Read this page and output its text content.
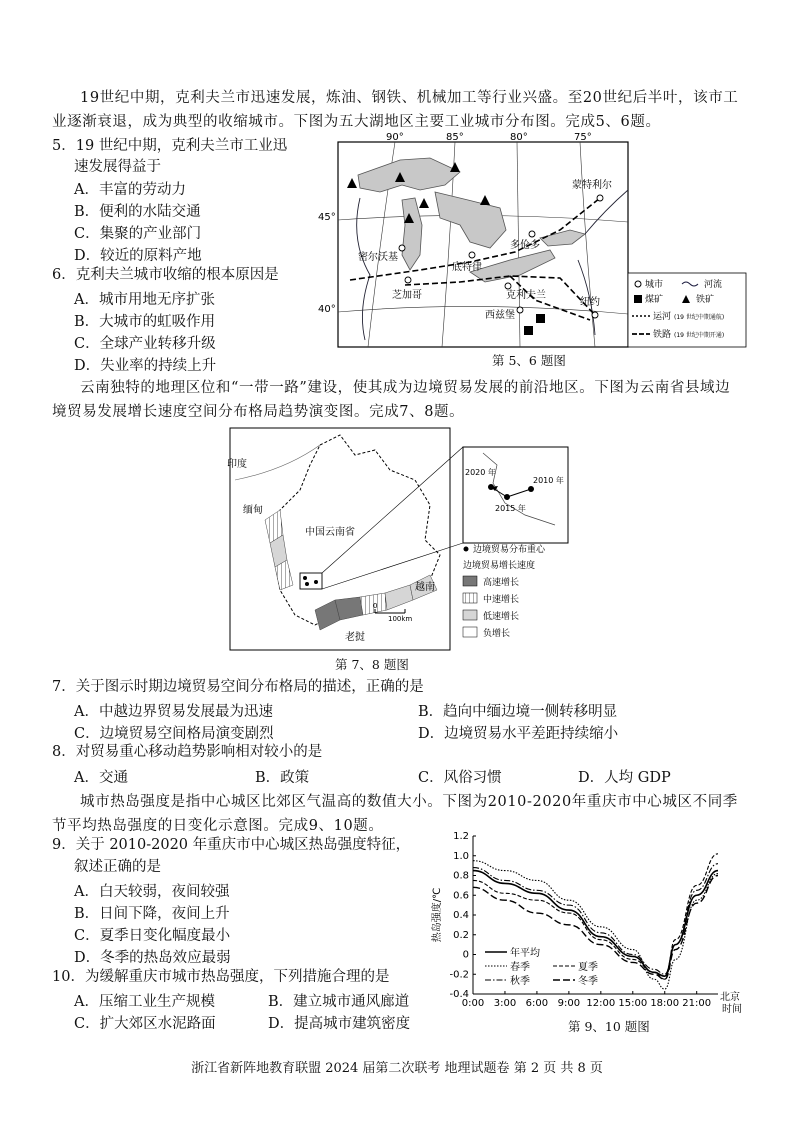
19世纪中期，克利夫兰市迅速发展，炼油、钢铁、机械加工等行业兴盛。至20世纪后半叶，该市工业逐渐衰退，成为典型的收缩城市。下图为五大湖地区主要工业城市分布图。完成5、6题。
5．19 世纪中期，克利夫兰市工业迅
速发展得益于
A．丰富的劳动力
B．便利的水陆交通
C．集聚的产业部门
D．较近的原料产地
6．克利夫兰城市收缩的根本原因是
A．城市用地无序扩张
B．大城市的虹吸作用
C．全球产业转移升级
D．失业率的持续上升
90°	85°	80°	75°
45°
40°
蒙特利尔
多伦多
密尔沃基
底特律
芝加哥	克利夫兰
西兹堡
纽约
城市	河流
煤矿	铁矿
运河 (19 世纪中期通航)
铁路 (19 世纪中期开通)
第 5、6 题图
云南独特的地理区位和“一带一路”建设，使其成为边境贸易发展的前沿地区。下图为云南省县域边境贸易发展增长速度空间分布格局趋势演变图。完成7、8题。
印度
缅甸
中国云南省
越南
老挝
0
100km
2020 年
2010 年
2015 年
边境贸易分布重心
边境贸易增长速度
高速增长
中速增长
低速增长
负增长
第 7、8 题图
7．关于图示时期边境贸易空间分布格局的描述，正确的是
A．中越边界贸易发展最为迅速	B．趋向中缅边境一侧转移明显
C．边境贸易空间格局演变剧烈	D．边境贸易水平差距持续缩小
8．对贸易重心移动趋势影响相对较小的是
A．交通	B．政策	C．风俗习惯	D．人均 GDP
城市热岛强度是指中心城区比郊区气温高的数值大小。下图为2010-2020年重庆市中心城区不同季节平均热岛强度的日变化示意图。完成9、10题。
9．关于 2010-2020 年重庆市中心城区热岛强度特征，
叙述正确的是
A．白天较弱，夜间较强
B．日间下降，夜间上升
C．夏季日变化幅度最小
D．冬季的热岛效应最弱
10．为缓解重庆市城市热岛强度，下列措施合理的是
A．压缩工业生产规模	B．建立城市通风廊道
C．扩大郊区水泥路面	D．提高城市建筑密度
-0.4
-0.2
0
0.2
0.4
0.6
0.8
1.0
1.2
0:00 3:00 6:00 9:00 12:00 15:00 18:00 21:00
北京
时间
热岛强度/℃
年平均
春季	夏季
秋季	冬季
第 9、10 题图
浙江省新阵地教育联盟 2024 届第二次联考 地理试题卷 第 2 页 共 8 页
